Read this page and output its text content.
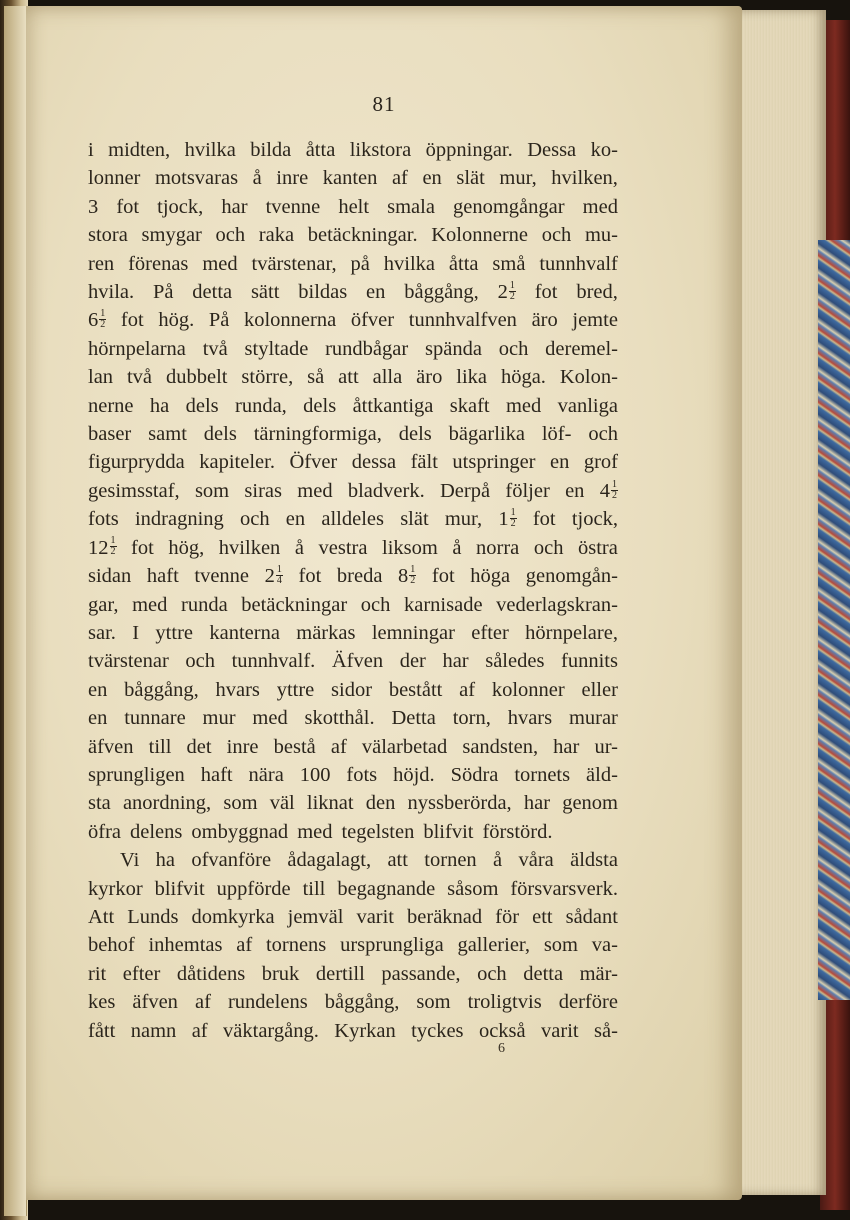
81
i midten, hvilka bilda åtta likstora öppningar. Dessa ko-
lonner motsvaras å inre kanten af en slät mur, hvilken,
3 fot tjock, har tvenne helt smala genomgångar med
stora smygar och raka betäckningar. Kolonnerne och mu-
ren förenas med tvärstenar, på hvilka åtta små tunnhvalf
hvila. På detta sätt bildas en båggång, $2 \frac{1}{2}$ fot bred,
$6 \frac{1}{2}$ fot hög. På kolonnerna öfver tunnhvalfven äro jemte
hörnpelarna två styltade rundbågar spända och deremel-
lan två dubbelt större, så att alla äro lika höga. Kolon-
nerne ha dels runda, dels åttkantiga skaft med vanliga
baser samt dels tärningformiga, dels bägarlika löf- och
figurprydda kapiteler. Öfver dessa fält utspringer en grof
gesimsstaf, som siras med bladverk. Derpå följer en $4 \frac{1}{2}$
fots indragning och en alldeles slät mur, $1 \frac{1}{2}$ fot tjock,
$12 \frac{1}{2}$ fot hög, hvilken å vestra liksom å norra och östra
sidan haft tvenne $2 \frac{1}{4}$ fot breda $8 \frac{1}{2}$ fot höga genomgån-
gar, med runda betäckningar och karnisade vederlagskran-
sar. I yttre kanterna märkas lemningar efter hörnpelare,
tvärstenar och tunnhvalf. Äfven der har således funnits
en båggång, hvars yttre sidor bestått af kolonner eller
en tunnare mur med skotthål. Detta torn, hvars murar
äfven till det inre bestå af välarbetad sandsten, har ur-
sprungligen haft nära 100 fots höjd. Södra tornets äld-
sta anordning, som väl liknat den nyssberörda, har genom
öfra delens ombyggnad med tegelsten blifvit förstörd.
Vi ha ofvanföre ådagalagt, att tornen å våra äldsta
kyrkor blifvit uppförde till begagnande såsom försvarsverk.
Att Lunds domkyrka jemväl varit beräknad för ett sådant
behof inhemtas af tornens ursprungliga gallerier, som va-
rit efter dåtidens bruk dertill passande, och detta mär-
kes äfven af rundelens båggång, som troligtvis derföre
fått namn af väktargång. Kyrkan tyckes också varit så-
6
